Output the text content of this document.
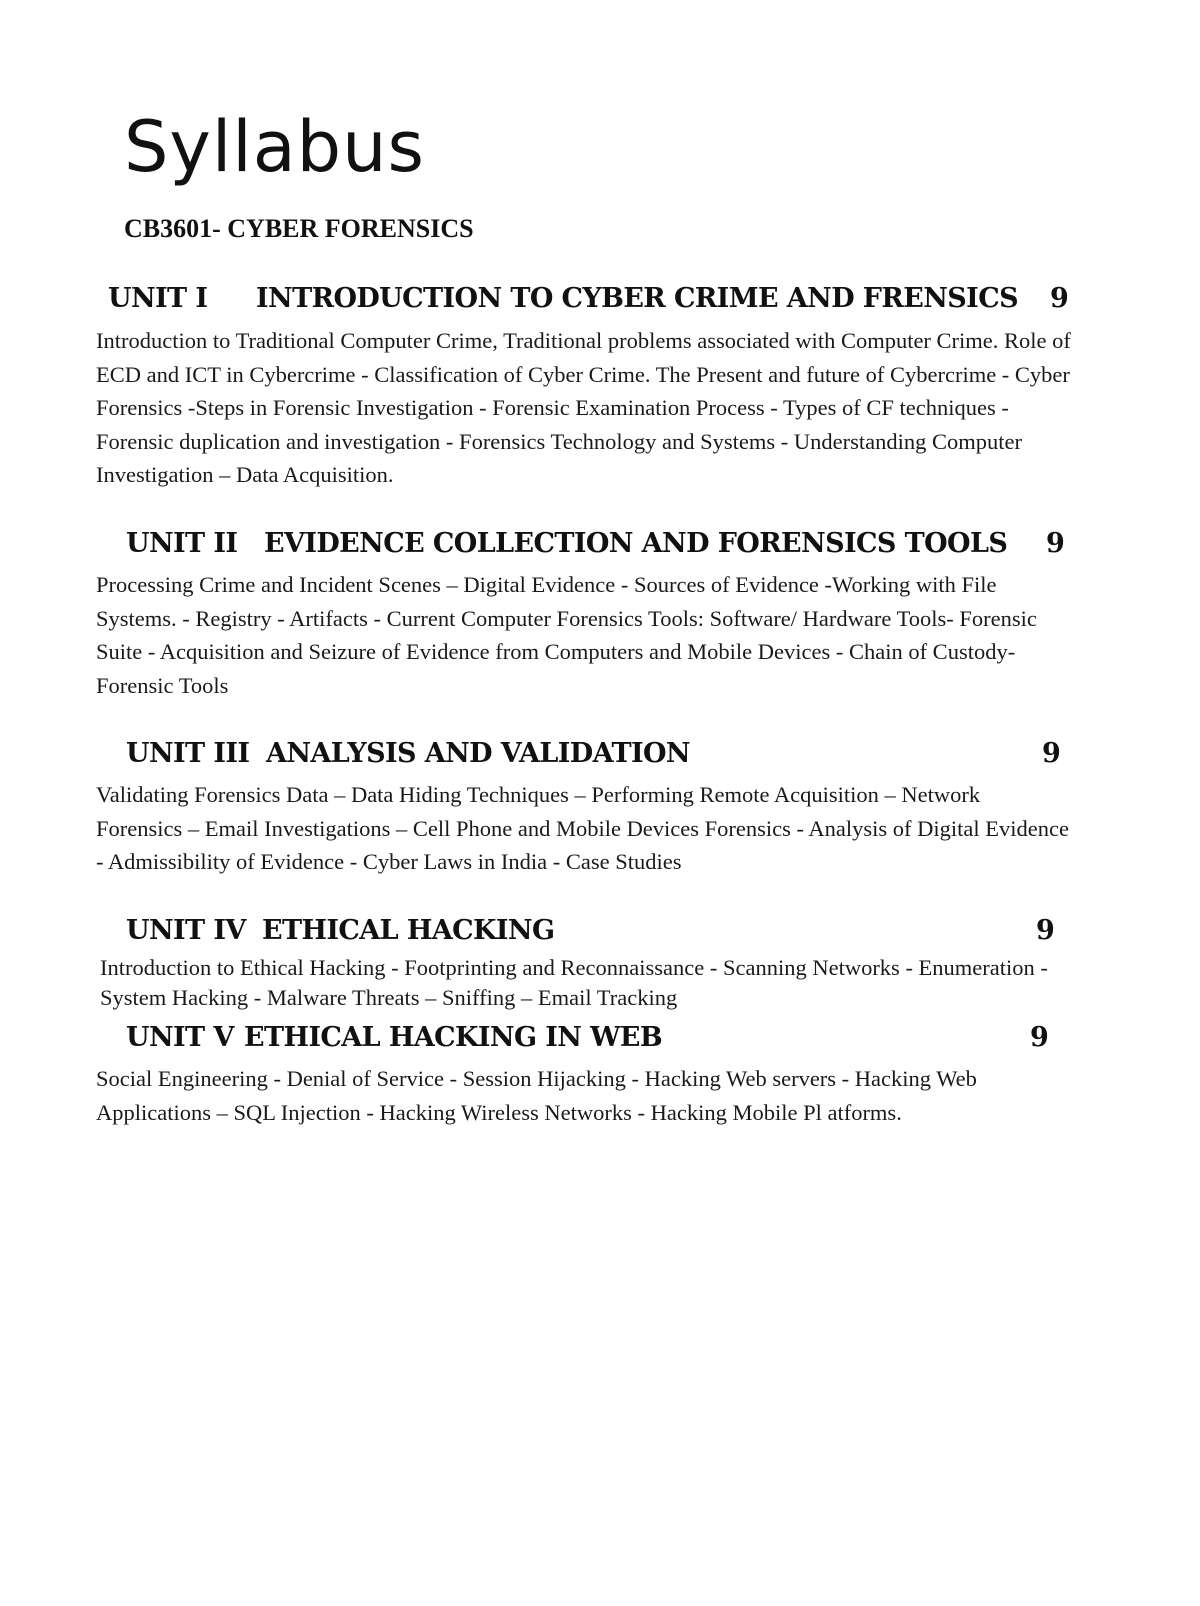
Syllabus
CB3601- CYBER FORENSICS
UNIT I INTRODUCTION TO CYBER CRIME AND FRENSICS 9

Introduction to Traditional Computer Crime, Traditional problems associated with Computer Crime. Role of ECD and ICT in Cybercrime - Classification of Cyber Crime. The Present and future of Cybercrime - Cyber Forensics -Steps in Forensic Investigation - Forensic Examination Process - Types of CF techniques - Forensic duplication and investigation - Forensics Technology and Systems - Understanding Computer Investigation – Data Acquisition.

UNIT II EVIDENCE COLLECTION AND FORENSICS TOOLS 9

Processing Crime and Incident Scenes – Digital Evidence - Sources of Evidence -Working with File Systems. - Registry - Artifacts - Current Computer Forensics Tools: Software/ Hardware Tools- Forensic Suite - Acquisition and Seizure of Evidence from Computers and Mobile Devices - Chain of Custody- Forensic Tools

UNIT III ANALYSIS AND VALIDATION	9

Validating Forensics Data – Data Hiding Techniques – Performing Remote Acquisition – Network Forensics – Email Investigations – Cell Phone and Mobile Devices Forensics - Analysis of Digital Evidence - Admissibility of Evidence - Cyber Laws in India - Case Studies

UNIT IV ETHICAL HACKING	9

Introduction to Ethical Hacking - Footprinting and Reconnaissance - Scanning Networks - Enumeration - System Hacking - Malware Threats – Sniffing – Email Tracking

UNIT V ETHICAL HACKING IN WEB	9

Social Engineering - Denial of Service - Session Hijacking - Hacking Web servers - Hacking Web Applications – SQL Injection - Hacking Wireless Networks - Hacking Mobile Pl atforms.
